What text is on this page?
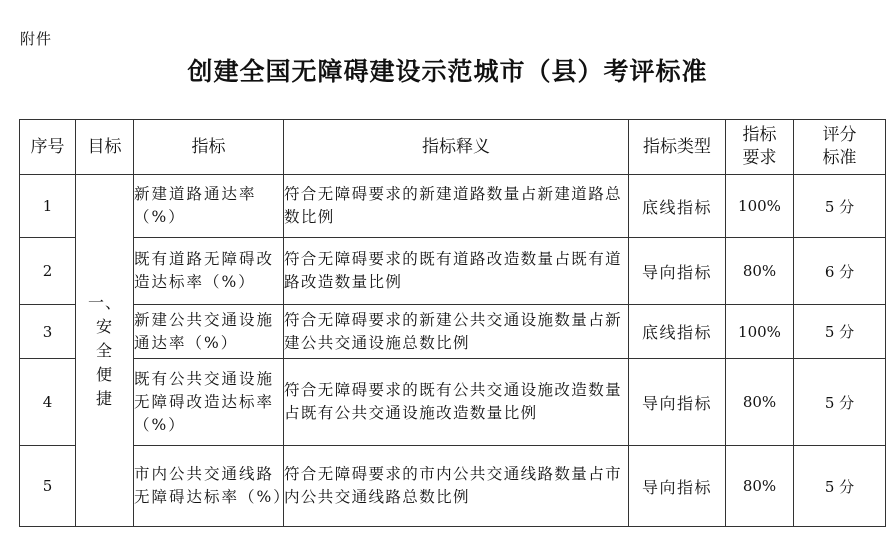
附件
创建全国无障碍建设示范城市（县）考评标准
序号	目标	指标	指标释义	指标类型	指标要求	评分标准
1	一、安全便捷	新建道路通达率（%）	符合无障碍要求的新建道路数量占新建道路总数比例	底线指标	100%	5 分
2		既有道路无障碍改造达标率（%）	符合无障碍要求的既有道路改造数量占既有道路改造数量比例	导向指标	80%	6 分
3		新建公共交通设施通达率（%）	符合无障碍要求的新建公共交通设施数量占新建公共交通设施总数比例	底线指标	100%	5 分
4		既有公共交通设施无障碍改造达标率（%）	符合无障碍要求的既有公共交通设施改造数量占既有公共交通设施改造数量比例	导向指标	80%	5 分
5		市内公共交通线路无障碍达标率（%）	符合无障碍要求的市内公共交通线路数量占市内公共交通线路总数比例	导向指标	80%	5 分
